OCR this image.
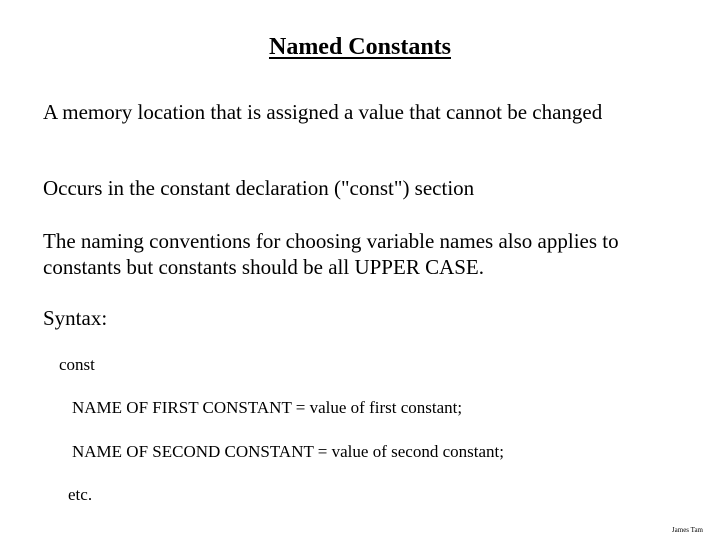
Named Constants
A memory location that is assigned a value that cannot be changed
Occurs in the constant declaration ("const") section
The naming conventions for choosing variable names also applies to constants but constants should be all UPPER CASE.
Syntax:
const
NAME OF FIRST CONSTANT = value of first constant;
NAME OF SECOND CONSTANT = value of second constant;
etc.
James Tam
